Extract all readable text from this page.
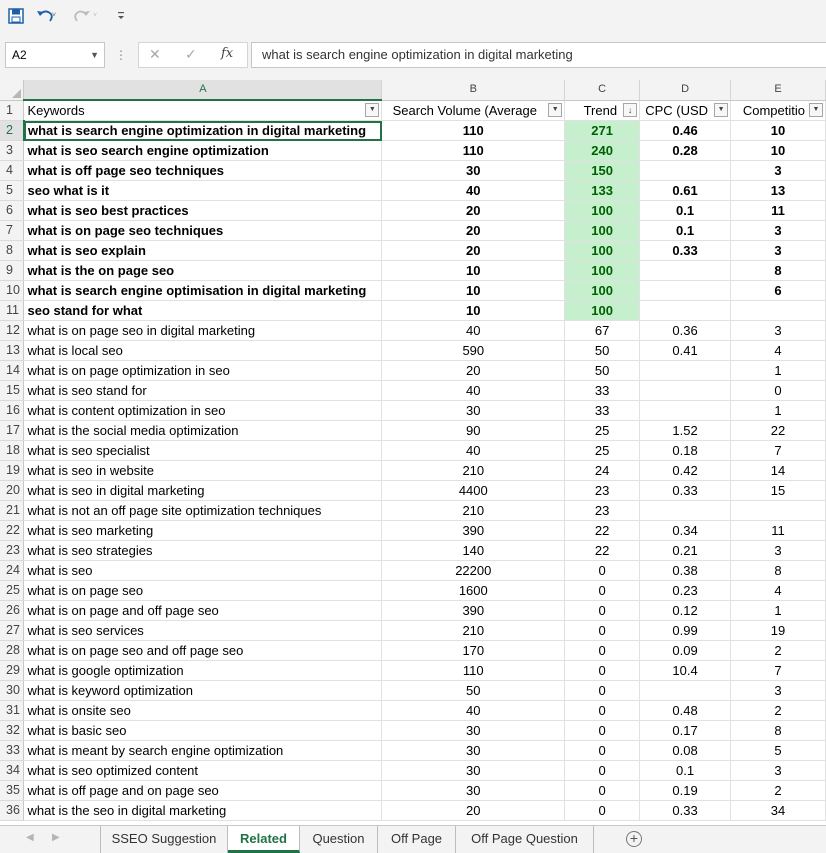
˅	˅
A2	▼ ⋮ ✕ ✓ fx	what is search engine optimization in digital marketing
	A	B	C	D	E
1	Keywords ▼	Search Volume (Average ▼	Trend ↓	CPC (USD ▼	Competitio ▼

2	what is search engine optimization in digital marketing	110	271	0.46	10
3	what is seo search engine optimization	110	240	0.28	10
4	what is off page seo techniques	30	150		3
5	seo what is it	40	133	0.61	13
6	what is seo best practices	20	100	0.1	11
7	what is on page seo techniques	20	100	0.1	3
8	what is seo explain	20	100	0.33	3
9	what is the on page seo	10	100		8
10	what is search engine optimisation in digital marketing	10	100		6
11	seo stand for what	10	100		
12	what is on page seo in digital marketing	40	67	0.36	3
13	what is local seo	590	50	0.41	4
14	what is on page optimization in seo	20	50		1
15	what is seo stand for	40	33		0
16	what is content optimization in seo	30	33		1
17	what is the social media optimization	90	25	1.52	22
18	what is seo specialist	40	25	0.18	7
19	what is seo in website	210	24	0.42	14
20	what is seo in digital marketing	4400	23	0.33	15
21	what is not an off page site optimization techniques	210	23		
22	what is seo marketing	390	22	0.34	11
23	what is seo strategies	140	22	0.21	3
24	what is seo	22200	0	0.38	8
25	what is on page seo	1600	0	0.23	4
26	what is on page and off page seo	390	0	0.12	1
27	what is seo services	210	0	0.99	19
28	what is on page seo and off page seo	170	0	0.09	2
29	what is google optimization	110	0	10.4	7
30	what is keyword optimization	50	0		3
31	what is onsite seo	40	0	0.48	2
32	what is basic seo	30	0	0.17	8
33	what is meant by search engine optimization	30	0	0.08	5
34	what is seo optimized content	30	0	0.1	3
35	what is off page and on page seo	30	0	0.19	2
36	what is the seo in digital marketing	20	0	0.33	34
◀ ▶	SSEO Suggestion	Related	Question	Off Page	Off Page Question	+
